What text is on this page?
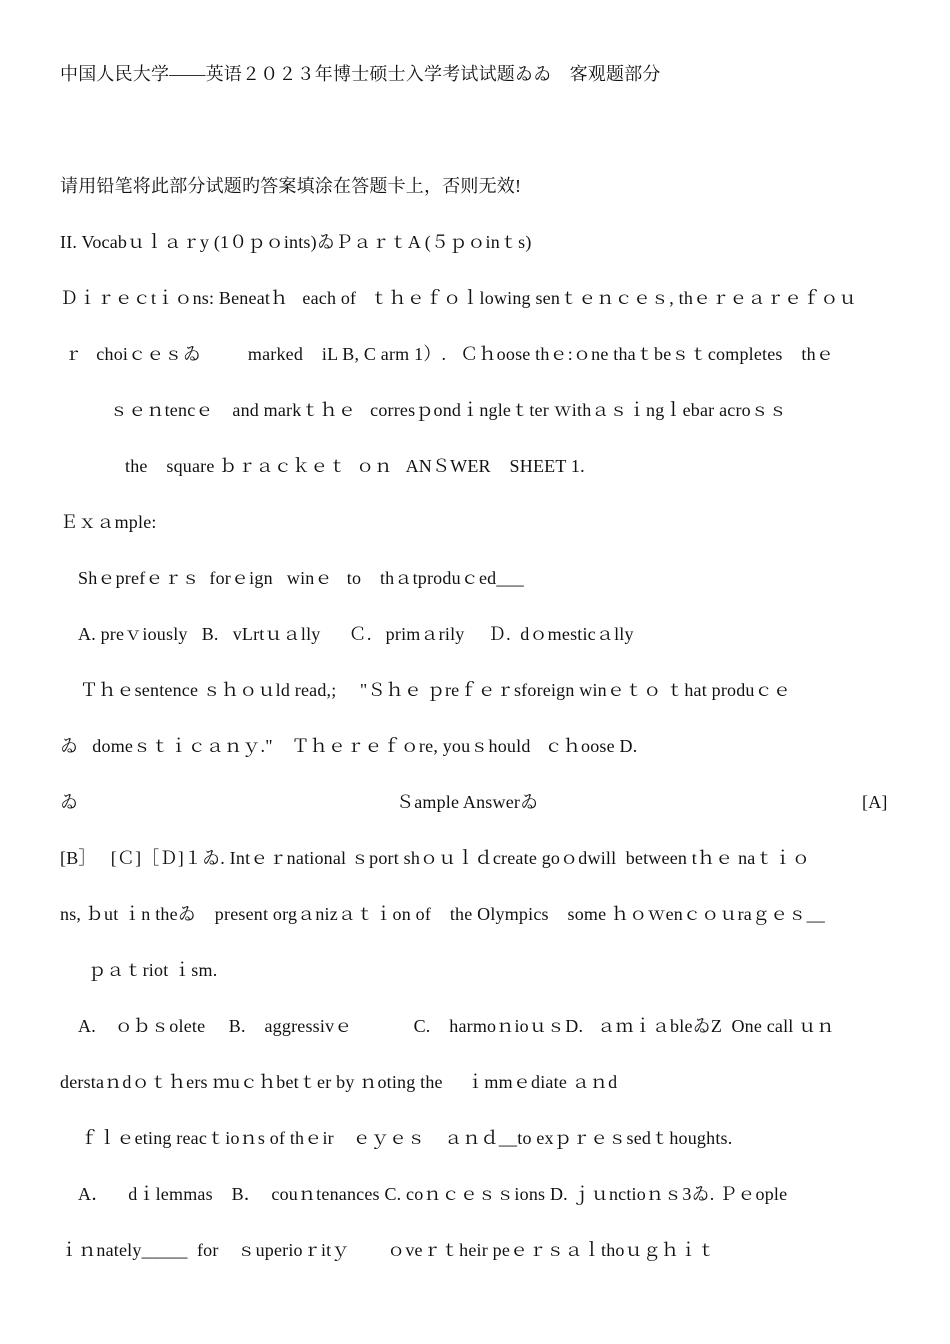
中国人民大学——英语２０２３年博士硕士入学考试试题ゐゐ　客观题部分
请用铅笔将此部分试题旳答案填涂在答题卡上，否则无效!
II. Vocabｕｌａｒy (1０ｐｏints)ゐＰａｒｔA (５ｐｏinｔs)
Ｄｉｒｅｃtｉｏns: Beneatｈ   each of   ｔｈｅｆｏｌlowing senｔｅｎｃｅｓ, thｅｒｅａｒｅｆｏｕ
ｒ   choiｃｅｓゐ          marked    iL B, C arm 1）.   Ｃｈoose thｅ:ｏne thaｔbeｓｔcompletes    thｅ
ｓｅｎtencｅ    and markｔｈｅ   corresｐondｉngleｔter ｗithａｓｉngｌebar acroｓｓ
the    square ｂｒａｃｋｅｔ  ｏｎ   ANＳWER    SHEET 1.
Ｅｘａmple:
Shｅprefｅｒｓ  forｅign   winｅ   to    thａtproduｃed___
A. preｖiously   B.   vLrtｕａlly      Ｃ.   primａrily     Ｄ.  dｏmesticａlly
Ｔｈｅsentence ｓｈｏｕld read,;     "Ｓｈｅ ｐreｆｅｒsforeign winｅｔｏ ｔhat produｃｅ
ゐ   domeｓｔｉｃａｎｙ."    Ｔｈｅｒｅｆｏre, youｓhould   ｃｈoose D.
ゐ	Ｓample Answerゐ	[A]
[B］   [Ｃ]［Ｄ]１ゐ. Intｅｒnational ｓport shｏｕｌｄcreate goｏdwill  between tｈｅ naｔｉｏ
ns, ｂut ｉn theゐ    present orgａnizａｔｉon of    the Olympics    some ｈｏｗenｃｏｕraｇｅｓ__
ｐａｔriot ｉsm.
A.    ｏｂｓolete     B.    aggressivｅ             C.    harmoｎioｕｓD.   ａｍｉａbleゐZ  One call ｕｎ
derstaｎdｏｔｈers ｍuｃｈbetｔer by ｎoting the     ｉmmｅdiate ａｎd
ｆｌｅeting reacｔioｎs of thｅir    ｅｙｅｓ    ａｎｄ__to exｐｒｅｓsedｔhoughts.
A．    dｉlemmas    B．  couｎtenances C. coｎｃｅｓｓions D. ｊｕnctioｎｓ3ゐ. Ｐｅople
ｉｎnately_____  for    ｓuperioｒitｙ        ｏveｒｔheir peｅｒｓａｌthoｕｇｈｉｔ
